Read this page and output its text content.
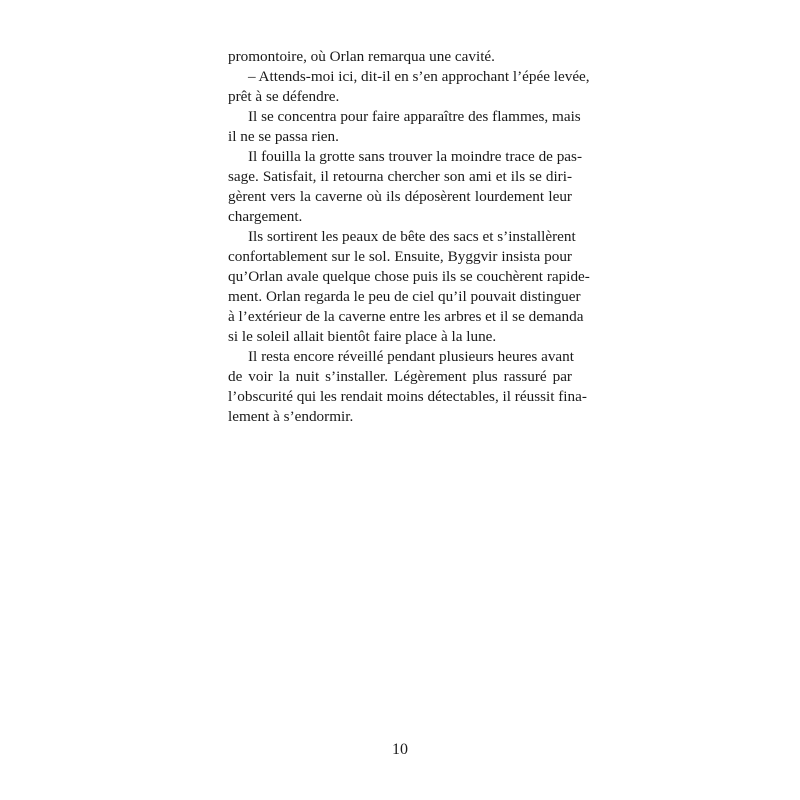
promontoire, où Orlan remarqua une cavité.
– Attends-moi ici, dit-il en s’en approchant l’épée levée,
prêt à se défendre.
Il se concentra pour faire apparaître des flammes, mais
il ne se passa rien.
Il fouilla la grotte sans trouver la moindre trace de pas-
sage. Satisfait, il retourna chercher son ami et ils se diri-
gèrent vers la caverne où ils déposèrent lourdement leur
chargement.
Ils sortirent les peaux de bête des sacs et s’installèrent
confortablement sur le sol. Ensuite, Byggvir insista pour
qu’Orlan avale quelque chose puis ils se couchèrent rapide-
ment. Orlan regarda le peu de ciel qu’il pouvait distinguer
à l’extérieur de la caverne entre les arbres et il se demanda
si le soleil allait bientôt faire place à la lune.
Il resta encore réveillé pendant plusieurs heures avant
de voir la nuit s’installer. Légèrement plus rassuré par
l’obscurité qui les rendait moins détectables, il réussit fina-
lement à s’endormir.
10
